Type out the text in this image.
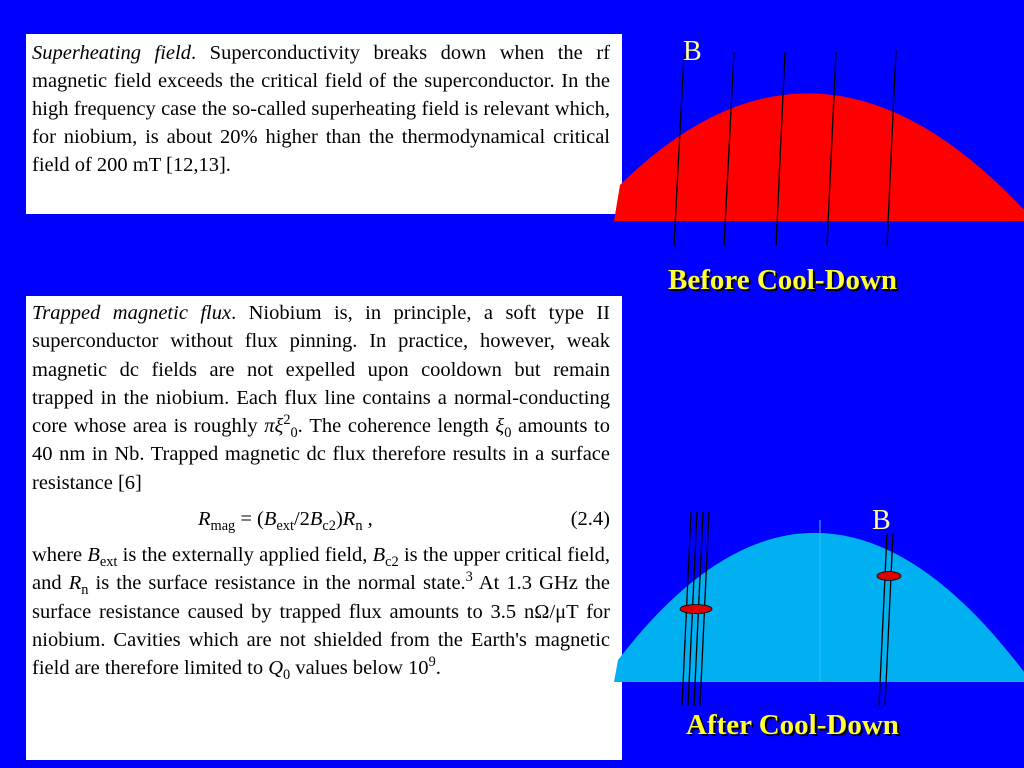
Superheating field. Superconductivity breaks down when the rf magnetic field exceeds the critical field of the superconductor. In the high frequency case the so-called superheating field is relevant which, for niobium, is about 20% higher than the thermodynamical critical field of 200 mT [12,13].
Trapped magnetic flux. Niobium is, in principle, a soft type II superconductor without flux pinning. In practice, however, weak magnetic dc fields are not expelled upon cooldown but remain trapped in the niobium. Each flux line contains a normal-conducting core whose area is roughly $\pi\xi^2_0$. The coherence length $\xi_0$ amounts to 40 nm in Nb. Trapped magnetic dc flux therefore results in a surface resistance [6]
$R_{mag} = (B_{ext}/2B_{c2})R_n$ ,	(2.4)
where $B_{ext}$ is the externally applied field, $B_{c2}$ is the upper critical field, and $R_n$ is the surface resistance in the normal state.$^3$ At 1.3 GHz the surface resistance caused by trapped flux amounts to 3.5 nΩ/μT for niobium. Cavities which are not shielded from the Earth's magnetic field are therefore limited to $Q_0$ values below $10^9$.
B
B
Before Cool-Down
After Cool-Down
